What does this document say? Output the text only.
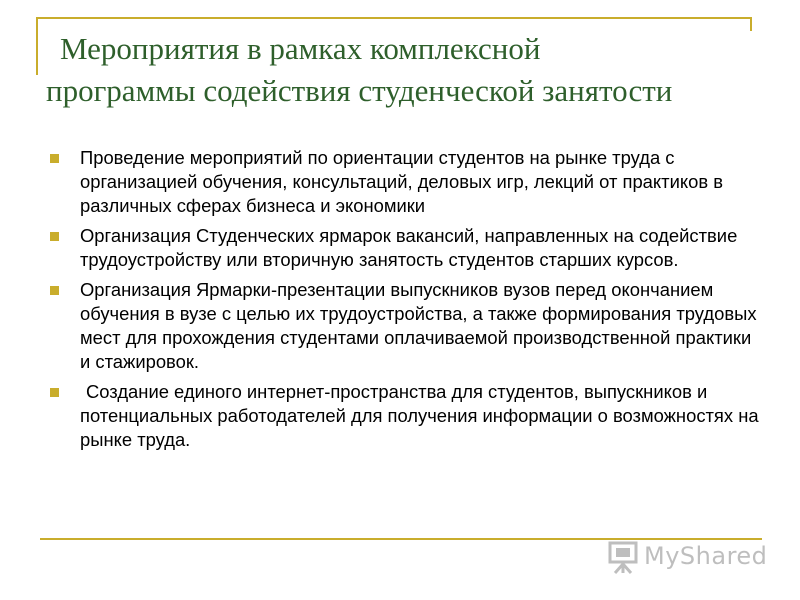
Мероприятия в рамках комплексной
программы содействия студенческой занятости
Проведение мероприятий по ориентации студентов на рынке труда с организацией обучения, консультаций, деловых игр, лекций от практиков в различных сферах бизнеса и экономики
Организация Студенческих ярмарок вакансий, направленных на содействие трудоустройству или вторичную занятость студентов старших курсов.
Организация Ярмарки-презентации выпускников вузов перед окончанием обучения в вузе с целью их трудоустройства, а также формирования трудовых мест для прохождения студентами оплачиваемой производственной практики и стажировок.
Создание единого интернет-пространства для студентов, выпускников и потенциальных работодателей для получения информации о возможностях на рынке труда.
MyShared
